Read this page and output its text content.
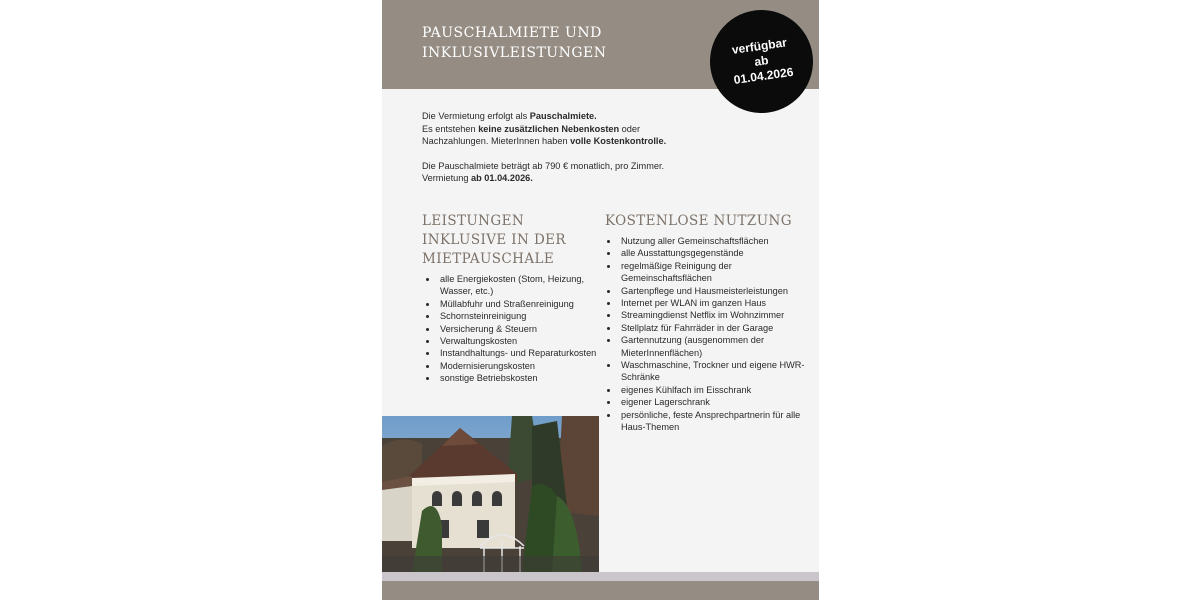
PAUSCHALMIETE UND
INKLUSIVLEISTUNGEN	verfügbar
ab
01.04.2026

Die Vermietung erfolgt als Pauschalmiete.
Es entstehen keine zusätzlichen Nebenkosten oder
Nachzahlungen. MieterInnen haben volle Kostenkontrolle.

Die Pauschalmiete beträgt ab 790 € monatlich, pro Zimmer.
Vermietung ab 01.04.2026.

LEISTUNGEN
INKLUSIVE IN DER
MIETPAUSCHALE
• alle Energiekosten (Stom, Heizung, Wasser, etc.)
• Müllabfuhr und Straßenreinigung
• Schornsteinreinigung
• Versicherung & Steuern
• Verwaltungskosten
• Instandhaltungs- und Reparaturkosten
• Modernisierungskosten
• sonstige Betriebskosten
KOSTENLOSE NUTZUNG
• Nutzung aller Gemeinschaftsflächen
• alle Ausstattungsgegenstände
• regelmäßige Reinigung der Gemeinschaftsflächen
• Gartenpflege und Hausmeisterleistungen
• Internet per WLAN im ganzen Haus
• Streamingdienst Netflix im Wohnzimmer
• Stellplatz für Fahrräder in der Garage
• Gartennutzung (ausgenommen der MieterInnenflächen)
• Waschmaschine, Trockner und eigene HWR-Schränke
• eigenes Kühlfach im Eisschrank
• eigener Lagerschrank
• persönliche, feste Ansprechpartnerin für alle Haus-Themen
